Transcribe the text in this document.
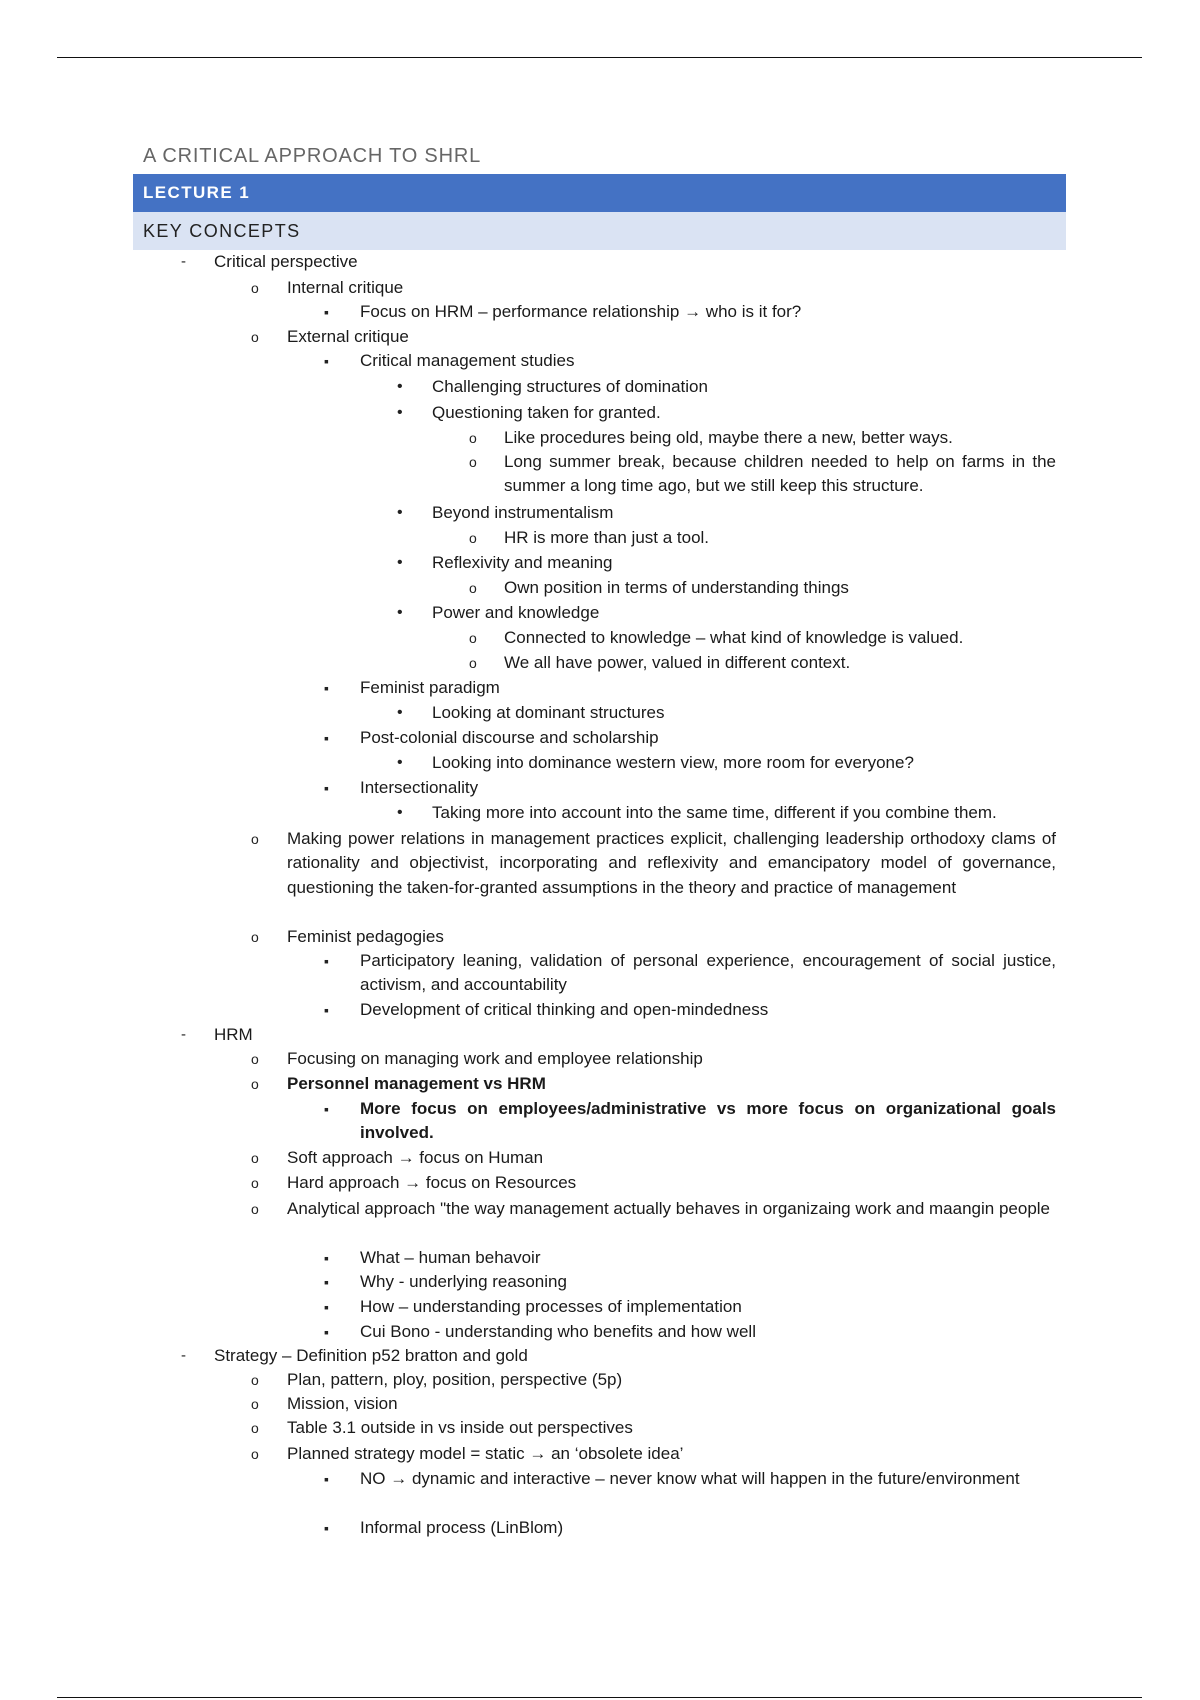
A CRITICAL APPROACH TO SHRL
LECTURE 1
KEY CONCEPTS
- Critical perspective
o Internal critique
▪ Focus on HRM – performance relationship → who is it for?
o External critique
▪ Critical management studies
• Challenging structures of domination
• Questioning taken for granted.
o Like procedures being old, maybe there a new, better ways.
o Long summer break, because children needed to help on farms in the summer a long time ago, but we still keep this structure.
• Beyond instrumentalism
o HR is more than just a tool.
• Reflexivity and meaning
o Own position in terms of understanding things
• Power and knowledge
o Connected to knowledge – what kind of knowledge is valued.
o We all have power, valued in different context.
▪ Feminist paradigm
• Looking at dominant structures
▪ Post-colonial discourse and scholarship
• Looking into dominance western view, more room for everyone?
▪ Intersectionality
• Taking more into account into the same time, different if you combine them.
o Making power relations in management practices explicit, challenging leadership orthodoxy clams of rationality and objectivist, incorporating and reflexivity and emancipatory model of governance, questioning the taken-for-granted assumptions in the theory and practice of management
o Feminist pedagogies
▪ Participatory leaning, validation of personal experience, encouragement of social justice, activism, and accountability
▪ Development of critical thinking and open-mindedness
- HRM
o Focusing on managing work and employee relationship
o Personnel management vs HRM
▪ More focus on employees/administrative vs more focus on organizational goals involved.
o Soft approach → focus on Human
o Hard approach → focus on Resources
o Analytical approach "the way management actually behaves in organizaing work and maangin people
▪ What – human behavoir
▪ Why - underlying reasoning
▪ How – understanding processes of implementation
▪ Cui Bono - understanding who benefits and how well
- Strategy – Definition p52 bratton and gold
o Plan, pattern, ploy, position, perspective (5p)
o Mission, vision
o Table 3.1 outside in vs inside out perspectives
o Planned strategy model = static → an ‘obsolete idea’
▪ NO → dynamic and interactive – never know what will happen in the future/environment
▪ Informal process (LinBlom)
